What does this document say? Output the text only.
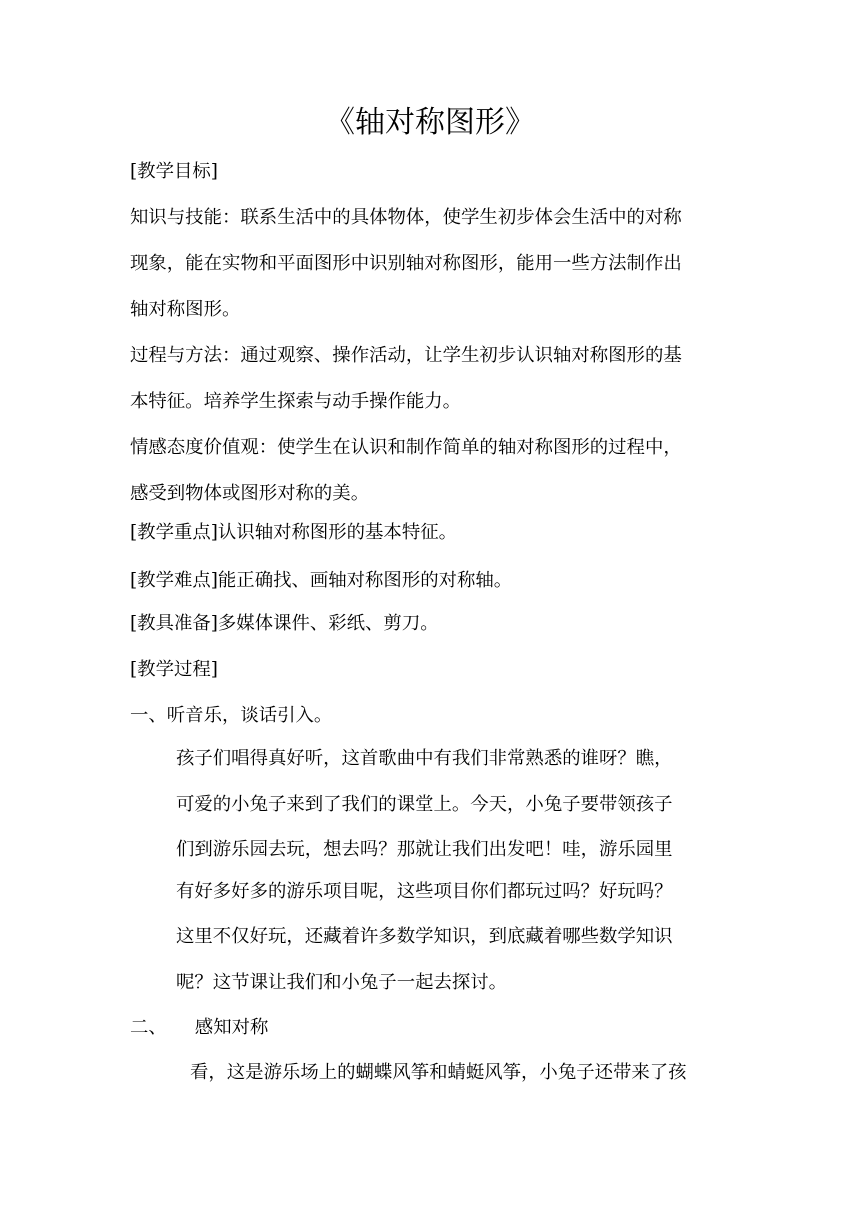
《轴对称图形》
[教学目标]
知识与技能：联系生活中的具体物体，使学生初步体会生活中的对称
现象，能在实物和平面图形中识别轴对称图形，能用一些方法制作出
轴对称图形。
过程与方法：通过观察、操作活动，让学生初步认识轴对称图形的基
本特征。培养学生探索与动手操作能力。
情感态度价值观：使学生在认识和制作简单的轴对称图形的过程中，
感受到物体或图形对称的美。
[教学重点]认识轴对称图形的基本特征。
[教学难点]能正确找、画轴对称图形的对称轴。
[教具准备]多媒体课件、彩纸、剪刀。
[教学过程]
一、听音乐，谈话引入。
孩子们唱得真好听，这首歌曲中有我们非常熟悉的谁呀？瞧，
可爱的小兔子来到了我们的课堂上。今天，小兔子要带领孩子
们到游乐园去玩，想去吗？那就让我们出发吧！哇，游乐园里
有好多好多的游乐项目呢，这些项目你们都玩过吗？好玩吗？
这里不仅好玩，还藏着许多数学知识，到底藏着哪些数学知识
呢？这节课让我们和小兔子一起去探讨。
二、 感知对称
看，这是游乐场上的蝴蝶风筝和蜻蜓风筝，小兔子还带来了孩
